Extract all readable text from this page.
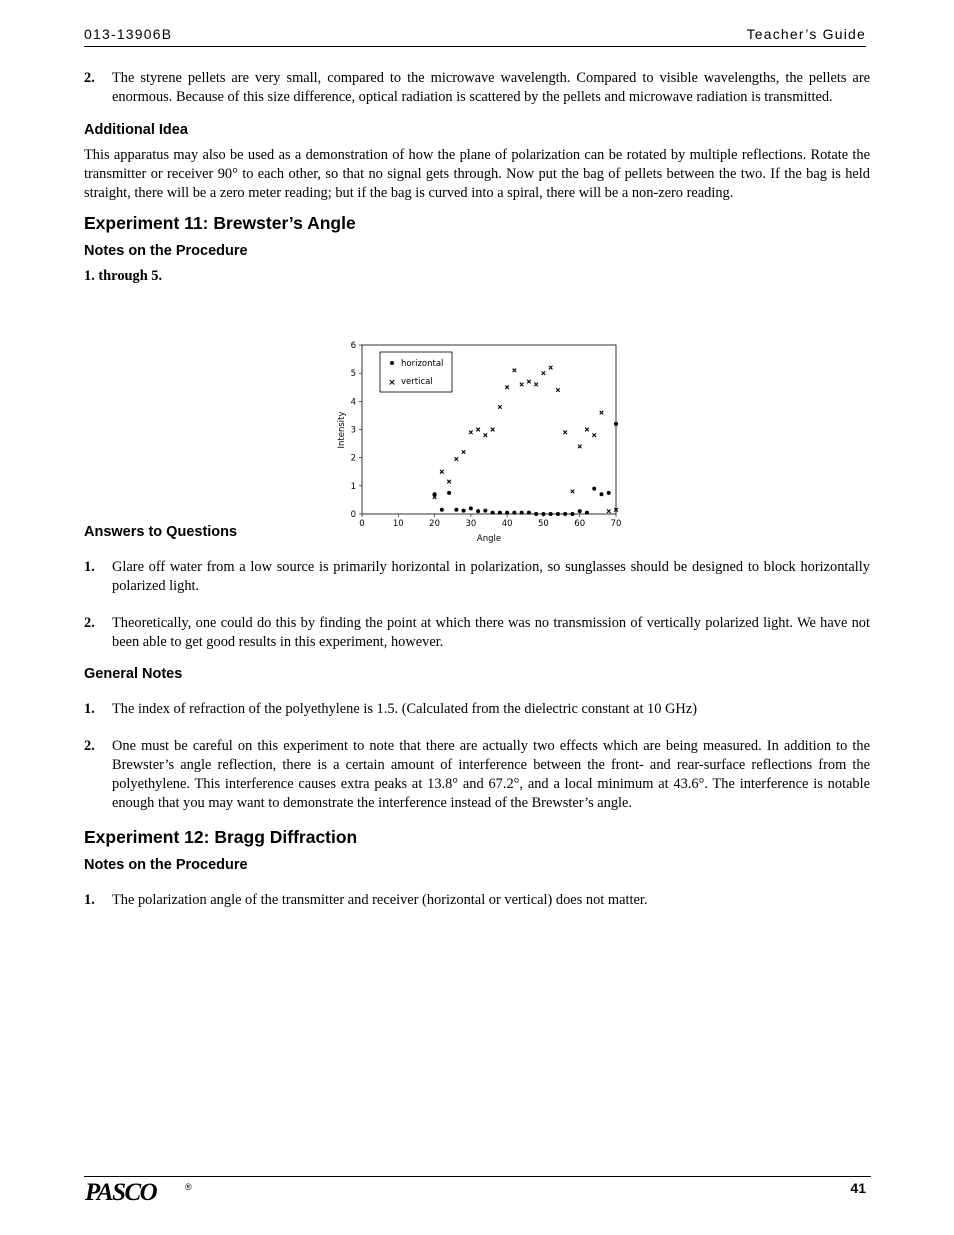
013-13906B	Teacher’s Guide
2. The styrene pellets are very small, compared to the microwave wavelength. Compared to visible wavelengths, the pellets are enormous. Because of this size difference, optical radiation is scattered by the pellets and microwave radiation is transmitted.

Additional Idea

This apparatus may also be used as a demonstration of how the plane of polarization can be rotated by multiple reflections. Rotate the transmitter or receiver 90° to each other, so that no signal gets through. Now put the bag of pellets between the two. If the bag is held straight, there will be a zero meter reading; but if the bag is curved into a spiral, there will be a non-zero reading.

Experiment 11: Brewster’s Angle
Notes on the Procedure
1. through 5.
Answers to Questions
1. Glare off water from a low source is primarily horizontal in polarization, so sunglasses should be designed to block horizontally polarized light.

2. Theoretically, one could do this by finding the point at which there was no transmission of vertically polarized light. We have not been able to get good results in this experiment, however.

General Notes
1. The index of refraction of the polyethylene is 1.5. (Calculated from the dielectric constant at 10 GHz)

2. One must be careful on this experiment to note that there are actually two effects which are being measured. In addition to the Brewster’s angle reflection, there is a certain amount of interference between the front- and rear-surface reflections from the polyethylene. This interference causes extra peaks at 13.8° and 67.2°, and a local minimum at 43.6°. The interference is notable enough that you may want to demonstrate the interference instead of the Brewster’s angle.

Experiment 12: Bragg Diffraction
Notes on the Procedure
1. The polarization angle of the transmitter and receiver (horizontal or vertical) does not matter.

0	10	20	30	40	50	60	70
0
1
2
3
4
5
6
horizontal
× vertical
Angle
Intensity
PASCO	®	41
